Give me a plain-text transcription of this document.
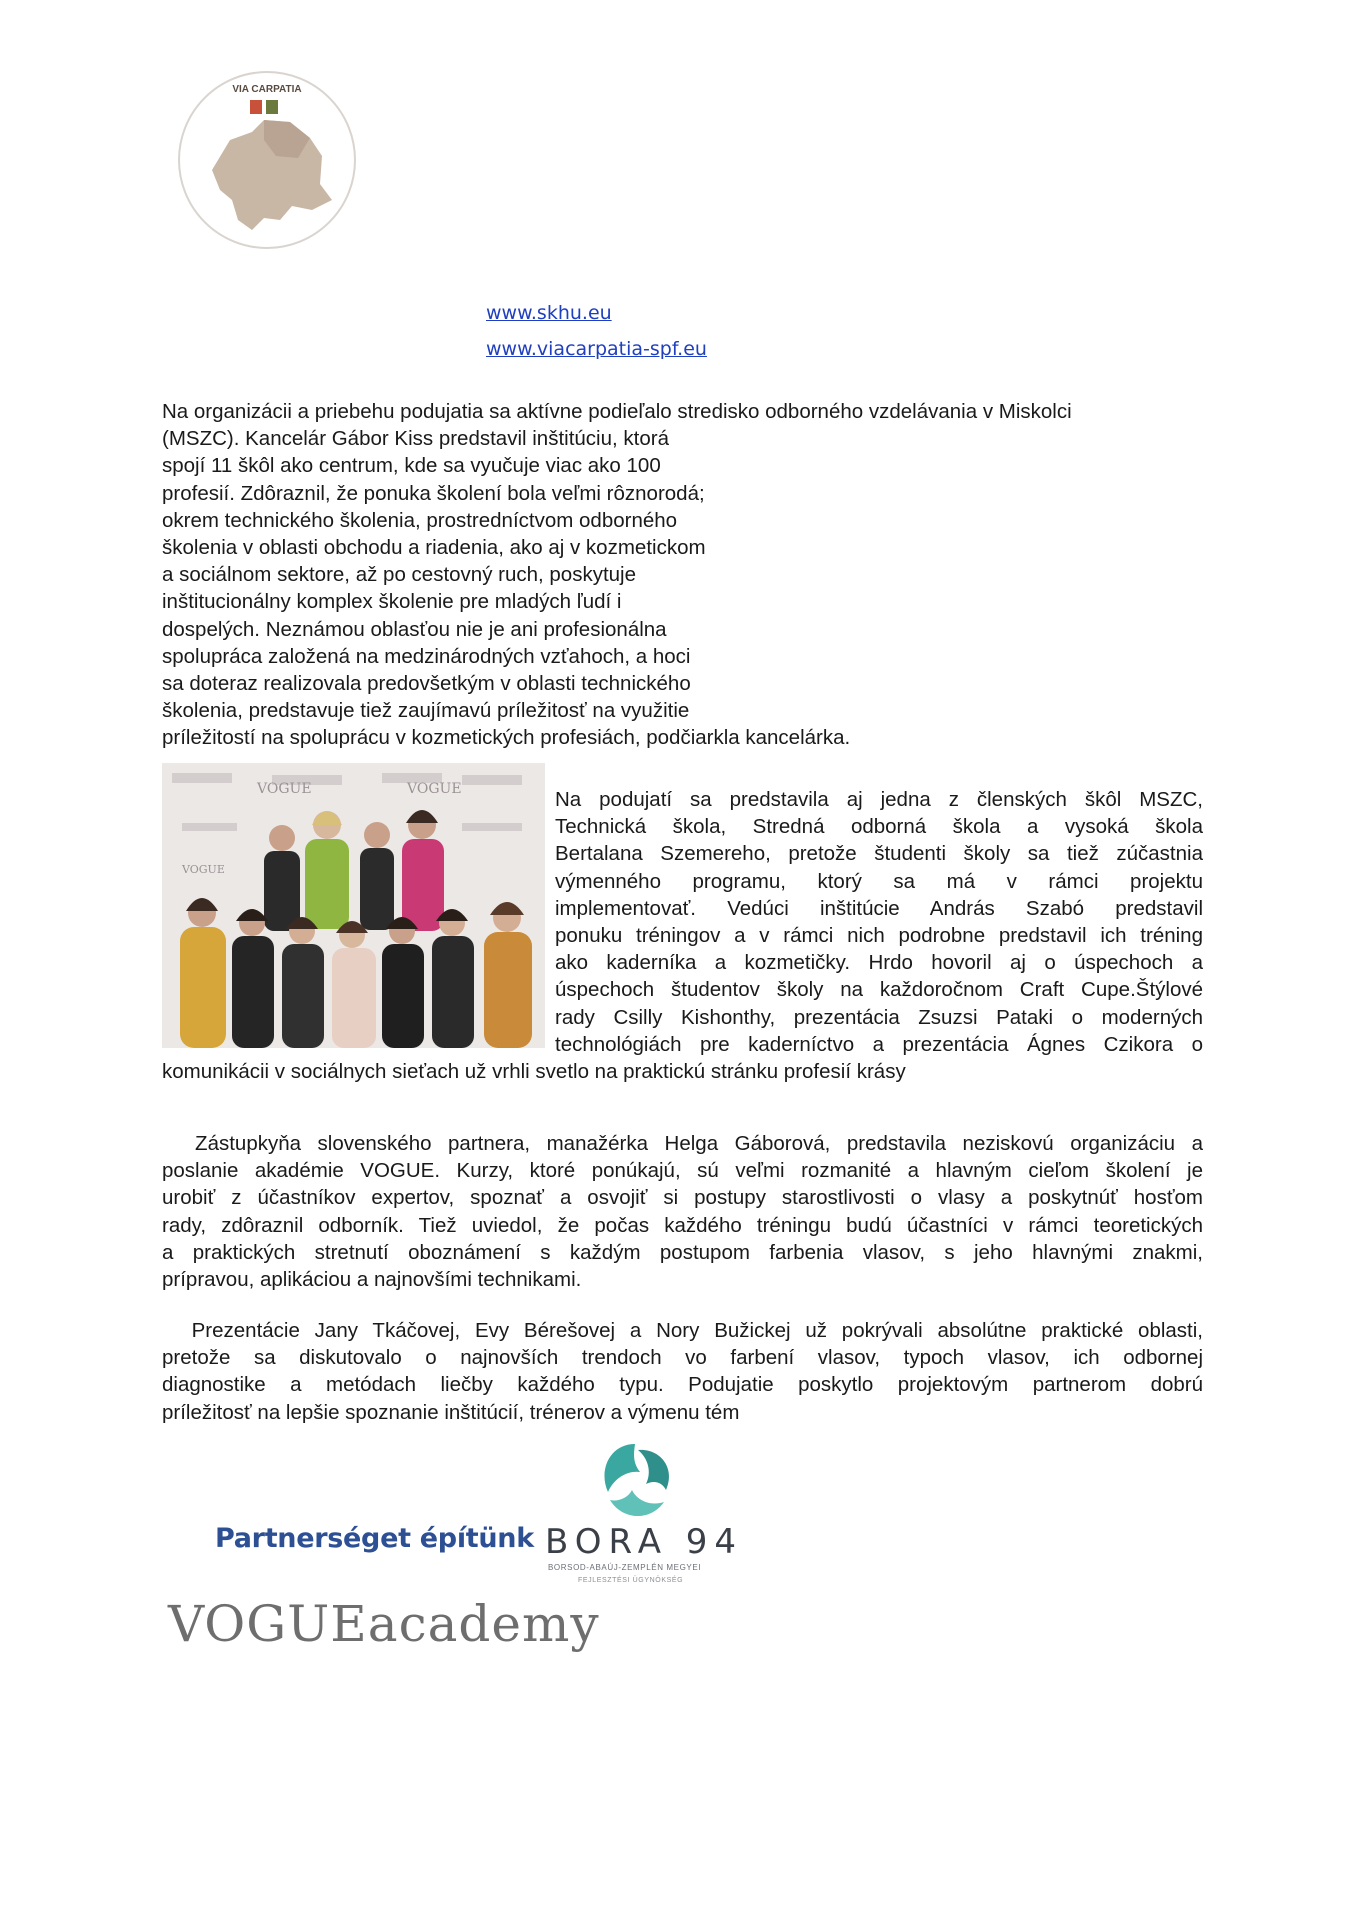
VIA CARPATIA
www.skhu.eu
www.viacarpatia-spf.eu

Na organizácii a priebehu podujatia sa aktívne podieľalo stredisko odborného vzdelávania v Miskolci
(MSZC). Kancelár Gábor Kiss predstavil inštitúciu, ktorá
spojí 11 škôl ako centrum, kde sa vyučuje viac ako 100
profesií. Zdôraznil, že ponuka školení bola veľmi rôznorodá;
okrem technického školenia, prostredníctvom odborného
školenia v oblasti obchodu a riadenia, ako aj v kozmetickom
a sociálnom sektore, až po cestovný ruch, poskytuje
inštitucionálny komplex školenie pre mladých ľudí i
dospelých. Neznámou oblasťou nie je ani profesionálna
spolupráca založená na medzinárodných vzťahoch, a hoci
sa doteraz realizovala predovšetkým v oblasti technického
školenia, predstavuje tiež zaujímavú príležitosť na využitie
príležitostí na spoluprácu v kozmetických profesiách, podčiarkla kancelárka.

VOGUE	VOGUE
VOGUE

Na podujatí sa predstavila aj jedna z členských škôl MSZC,
Technická škola, Stredná odborná škola a vysoká škola
Bertalana Szemereho, pretože študenti školy sa tiež zúčastnia
výmenného programu, ktorý sa má v rámci projektu
implementovať. Vedúci inštitúcie András Szabó predstavil
ponuku tréningov a v rámci nich podrobne predstavil ich tréning
ako kaderníka a kozmetičky. Hrdo hovoril aj o úspechoch a
úspechoch študentov školy na každoročnom Craft Cupe.Štýlové
rady Csilly Kishonthy, prezentácia Zsuzsi Pataki o moderných
technológiách pre kaderníctvo a prezentácia Ágnes Czikora o

komunikácii v sociálnych sieťach už vrhli svetlo na praktickú stránku profesií krásy

Zástupkyňa slovenského partnera, manažérka Helga Gáborová, predstavila neziskovú organizáciu a
poslanie akadémie VOGUE. Kurzy, ktoré ponúkajú, sú veľmi rozmanité a hlavným cieľom školení je
urobiť z účastníkov expertov, spoznať a osvojiť si postupy starostlivosti o vlasy a poskytnúť hosťom
rady, zdôraznil odborník. Tiež uviedol, že počas každého tréningu budú účastníci v rámci teoretických
a praktických stretnutí oboznámení s každým postupom farbenia vlasov, s jeho hlavnými znakmi,
prípravou, aplikáciou a najnovšími technikami.

Prezentácie Jany Tkáčovej, Evy Bérešovej a Nory Bužickej už pokrývali absolútne praktické oblasti,
pretože sa diskutovalo o najnovších trendoch vo farbení vlasov, typoch vlasov, ich odbornej
diagnostike a metódach liečby každého typu. Podujatie poskytlo projektovým partnerom dobrú
príležitosť na lepšie spoznanie inštitúcií, trénerov a výmenu tém

Partnerséget építünk BORA 94
BORSOD-ABAÚJ-ZEMPLÉN MEGYEI
FEJLESZTÉSI ÜGYNÖKSÉG
VOGUEacademy
